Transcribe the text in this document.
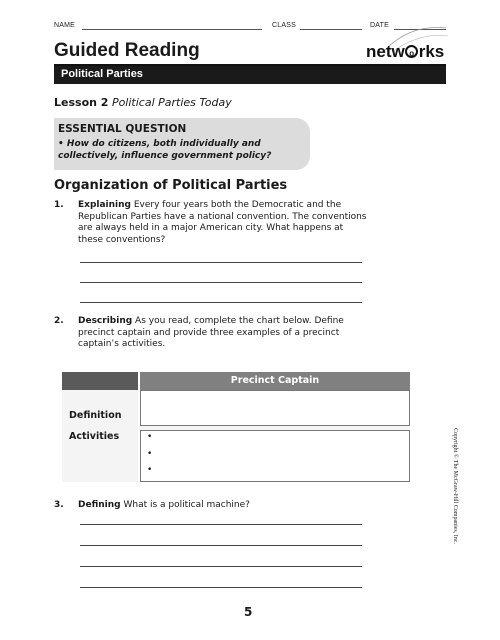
NAME	CLASS	DATE
Guided Reading	netw o rks
Political Parties
Lesson 2 Political Parties Today
ESSENTIAL QUESTION
• How do citizens, both individually and collectively, influence government policy?
Organization of Political Parties
1. Explaining Every four years both the Democratic and the Republican Parties have a national convention. The conventions are always held in a major American city. What happens at these conventions?
2. Describing As you read, complete the chart below. Define precinct captain and provide three examples of a precinct captain’s activities.
Precinct Captain
Definition
Activities	•
•
•
3. Defining What is a political machine?	Copyright © The McGraw-Hill Companies, Inc.
5
